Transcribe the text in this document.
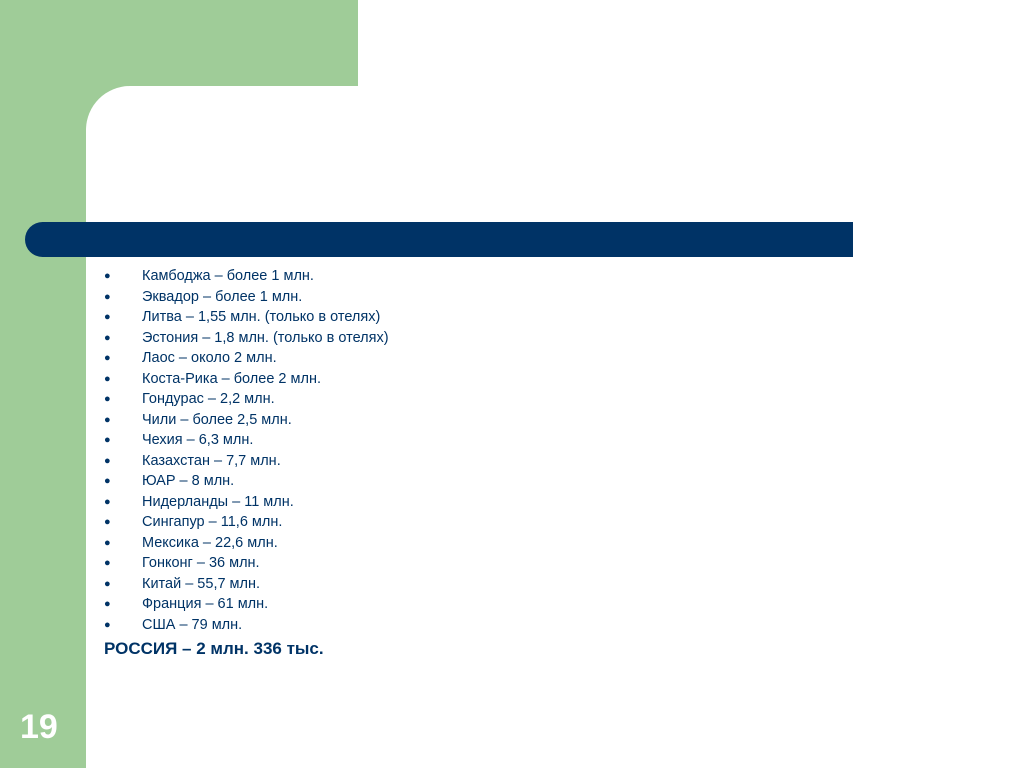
●	Камбоджа – более 1 млн.
●	Эквадор – более 1 млн.
●	Литва – 1,55 млн. (только в отелях)
●	Эстония – 1,8 млн. (только в отелях)
●	Лаос – около 2 млн.
●	Коста-Рика – более 2 млн.
●	Гондурас – 2,2 млн.
●	Чили – более 2,5 млн.
●	Чехия – 6,3 млн.
●	Казахстан – 7,7 млн.
●	ЮАР – 8 млн.
●	Нидерланды – 11 млн.
●	Сингапур – 11,6 млн.
●	Мексика – 22,6 млн.
●	Гонконг – 36 млн.
●	Китай – 55,7 млн.
●	Франция – 61 млн.
●	США – 79 млн.
РОССИЯ – 2 млн. 336 тыс.
19
